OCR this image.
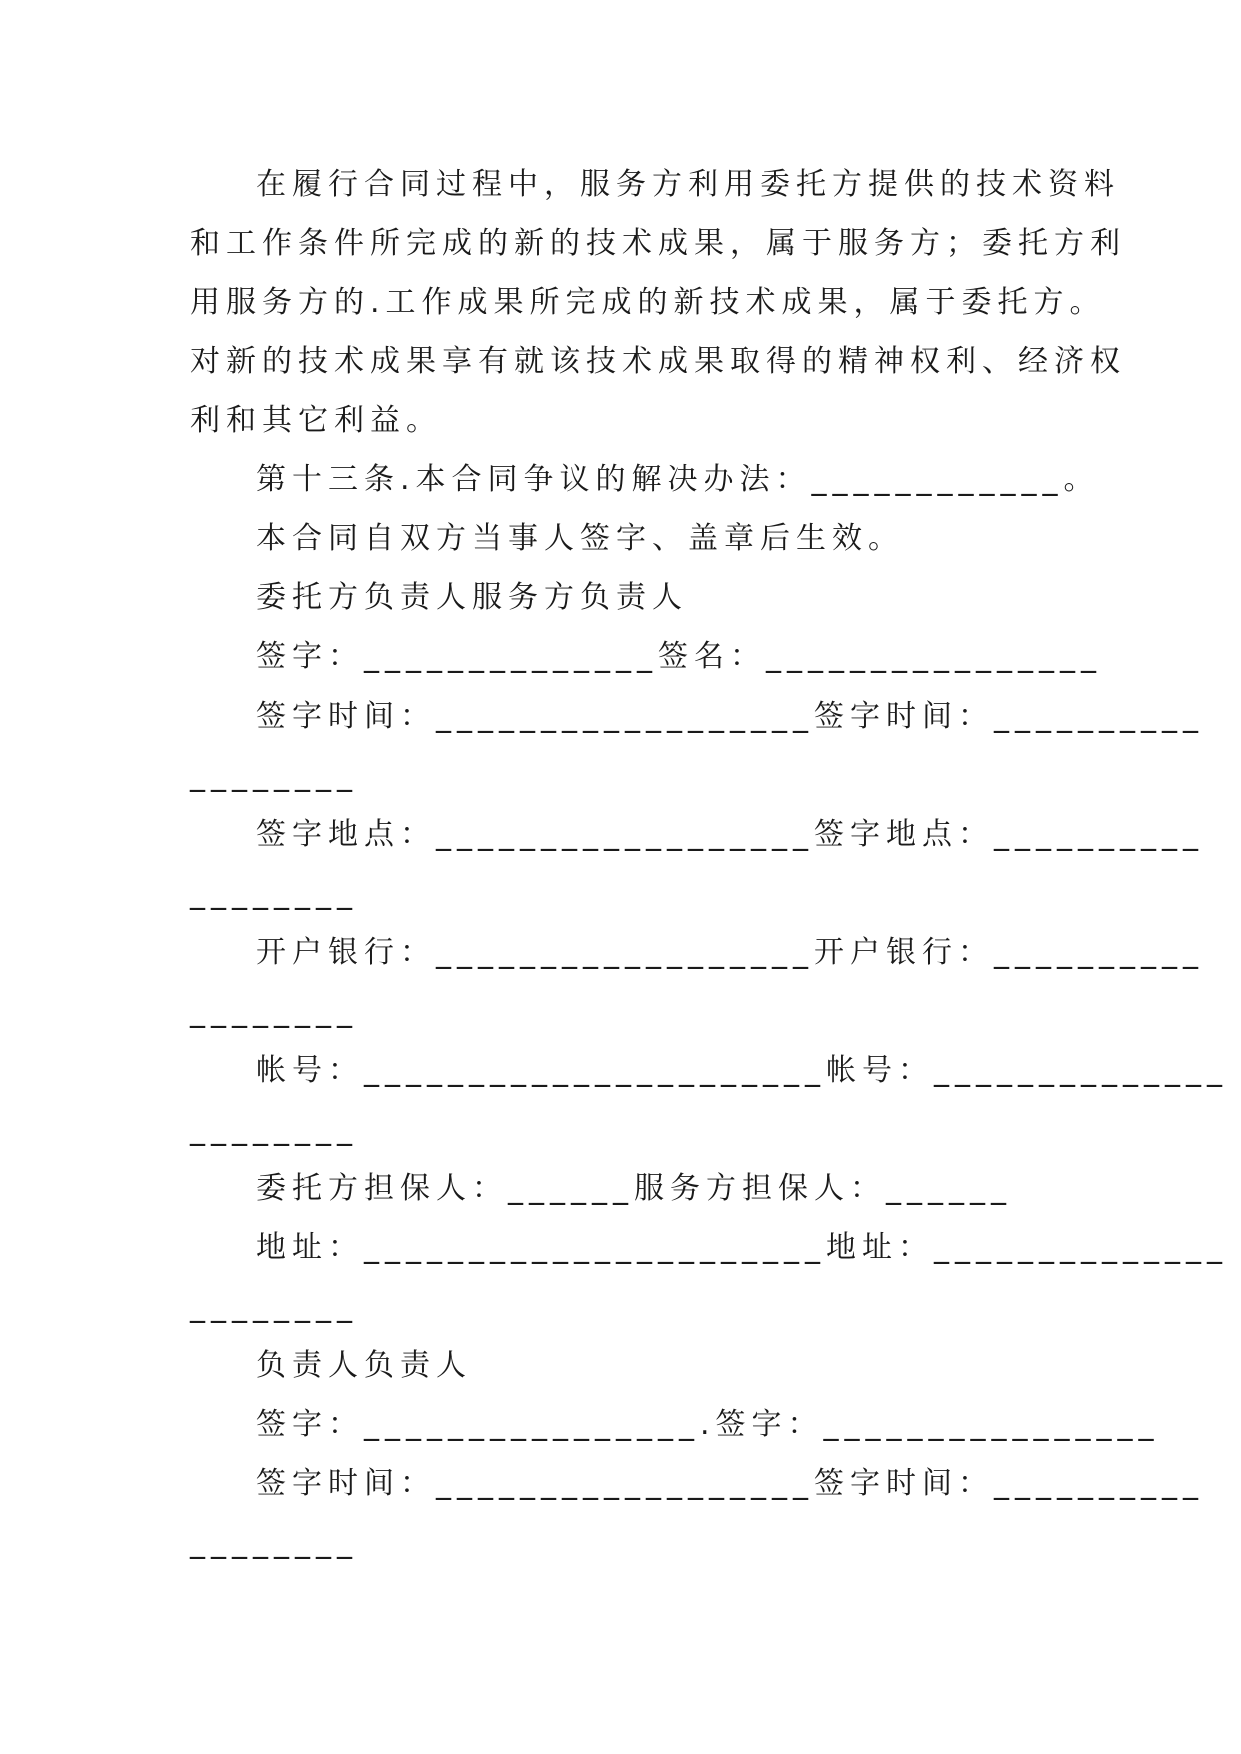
在履行合同过程中，服务方利用委托方提供的技术资料
和工作条件所完成的新的技术成果，属于服务方；委托方利
用服务方的.工作成果所完成的新技术成果，属于委托方。
对新的技术成果享有就该技术成果取得的精神权利、经济权
利和其它利益。
第十三条.本合同争议的解决办法：____________。
本合同自双方当事人签字、盖章后生效。
委托方负责人服务方负责人
签字：______________签名：________________
签字时间：__________________签字时间：__________
________
签字地点：__________________签字地点：__________
________
开户银行：__________________开户银行：__________
________
帐号：______________________帐号：______________
________
委托方担保人：______服务方担保人：______
地址：______________________地址：______________
________
负责人负责人
签字：________________.签字：________________
签字时间：__________________签字时间：__________
________
